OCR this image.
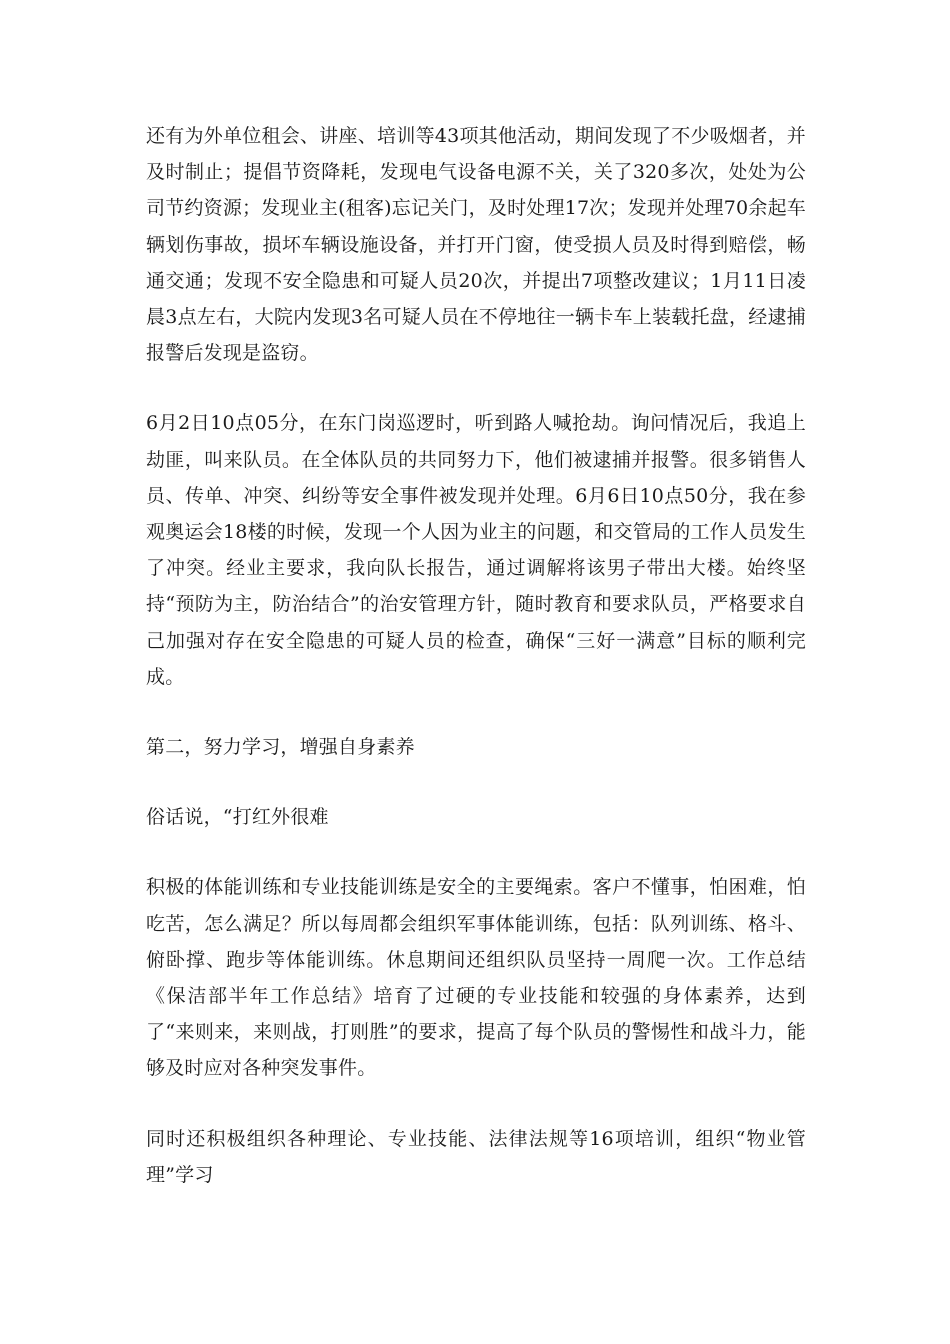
还有为外单位租会、讲座、培训等43项其他活动，期间发现了不少吸烟者，并及时制止；提倡节资降耗，发现电气设备电源不关，关了320多次，处处为公司节约资源；发现业主(租客)忘记关门，及时处理17次；发现并处理70余起车辆划伤事故，损坏车辆设施设备，并打开门窗，使受损人员及时得到赔偿，畅通交通；发现不安全隐患和可疑人员20次，并提出7项整改建议；1月11日凌晨3点左右，大院内发现3名可疑人员在不停地往一辆卡车上装载托盘，经逮捕报警后发现是盗窃。

6月2日10点05分，在东门岗巡逻时，听到路人喊抢劫。询问情况后，我追上劫匪，叫来队员。在全体队员的共同努力下，他们被逮捕并报警。很多销售人员、传单、冲突、纠纷等安全事件被发现并处理。6月6日10点50分，我在参观奥运会18楼的时候，发现一个人因为业主的问题，和交管局的工作人员发生了冲突。经业主要求，我向队长报告，通过调解将该男子带出大楼。始终坚持“预防为主，防治结合”的治安管理方针，随时教育和要求队员，严格要求自己加强对存在安全隐患的可疑人员的检查，确保“三好一满意”目标的顺利完成。

第二，努力学习，增强自身素养

俗话说，“打红外很难

积极的体能训练和专业技能训练是安全的主要绳索。客户不懂事，怕困难，怕吃苦，怎么满足？所以每周都会组织军事体能训练，包括：队列训练、格斗、俯卧撑、跑步等体能训练。休息期间还组织队员坚持一周爬一次。工作总结《保洁部半年工作总结》培育了过硬的专业技能和较强的身体素养，达到了“来则来，来则战，打则胜”的要求，提高了每个队员的警惕性和战斗力，能够及时应对各种突发事件。

同时还积极组织各种理论、专业技能、法律法规等16项培训，组织“物业管理”学习
